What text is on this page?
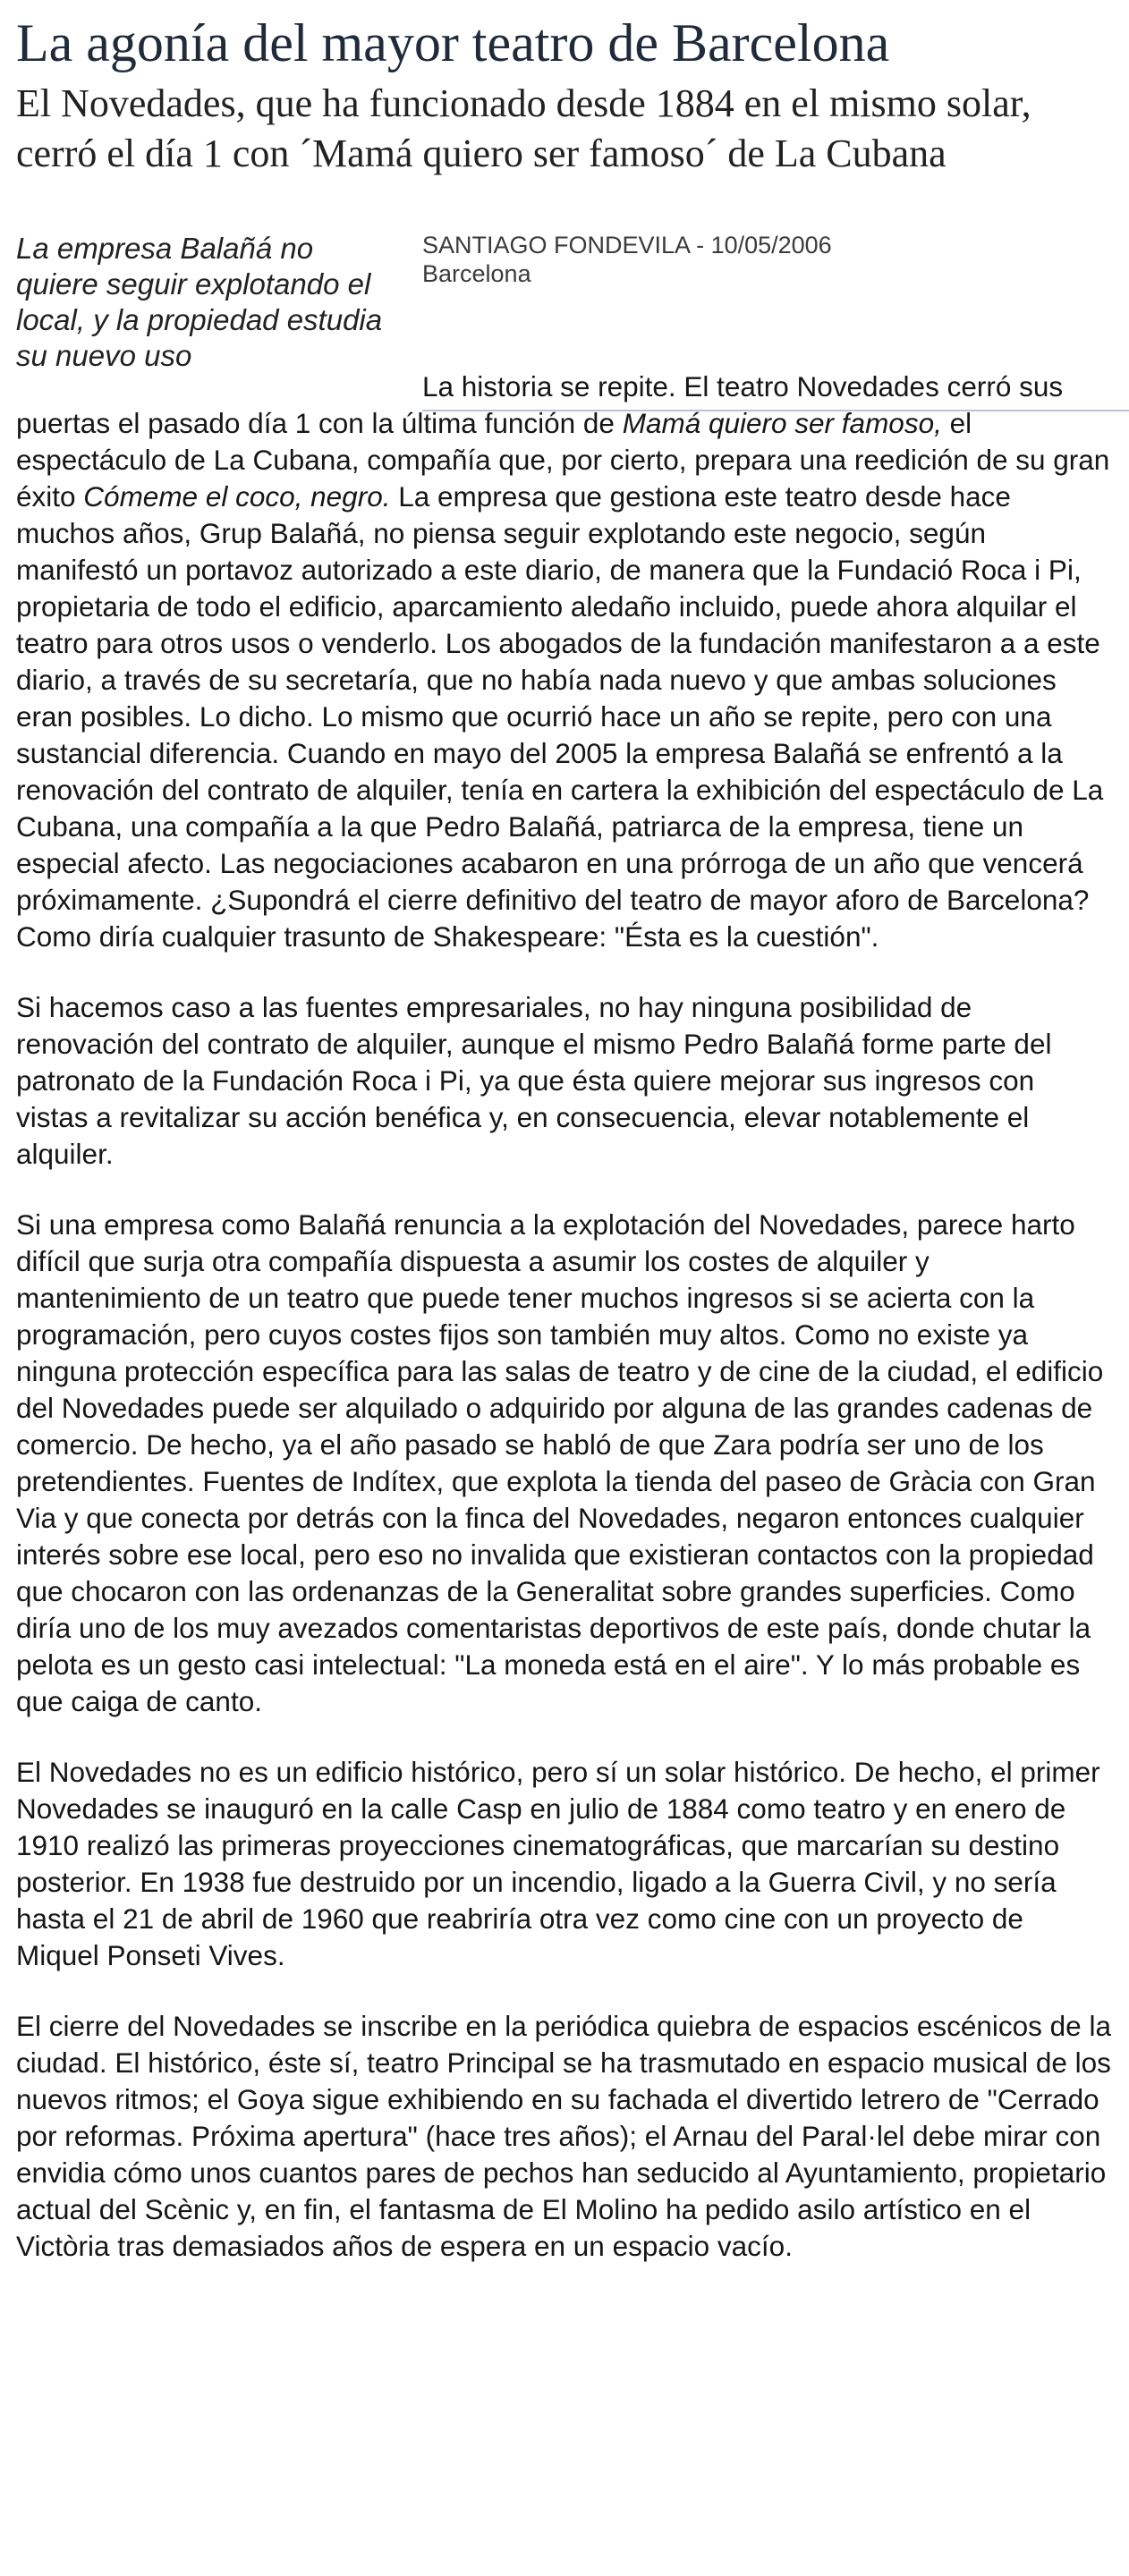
La agonía del mayor teatro de Barcelona
El Novedades, que ha funcionado desde 1884 en el mismo solar, cerró el día 1 con ´Mamá quiero ser famoso´ de La Cubana
La empresa Balañá no quiere seguir explotando el local, y la propiedad estudia su nuevo uso
SANTIAGO FONDEVILA - 10/05/2006
Barcelona

La historia se repite. El teatro Novedades cerró sus puertas el pasado día 1 con la última función de Mamá quiero ser famoso, el espectáculo de La Cubana, compañía que, por cierto, prepara una reedición de su gran éxito Cómeme el coco, negro. La empresa que gestiona este teatro desde hace muchos años, Grup Balañá, no piensa seguir explotando este negocio, según manifestó un portavoz autorizado a este diario, de manera que la Fundació Roca i Pi, propietaria de todo el edificio, aparcamiento aledaño incluido, puede ahora alquilar el teatro para otros usos o venderlo. Los abogados de la fundación manifestaron a a este diario, a través de su secretaría, que no había nada nuevo y que ambas soluciones eran posibles. Lo dicho. Lo mismo que ocurrió hace un año se repite, pero con una sustancial diferencia. Cuando en mayo del 2005 la empresa Balañá se enfrentó a la renovación del contrato de alquiler, tenía en cartera la exhibición del espectáculo de La Cubana, una compañía a la que Pedro Balañá, patriarca de la empresa, tiene un especial afecto. Las negociaciones acabaron en una prórroga de un año que vencerá próximamente. ¿Supondrá el cierre definitivo del teatro de mayor aforo de Barcelona? Como diría cualquier trasunto de Shakespeare: "Ésta es la cuestión".

Si hacemos caso a las fuentes empresariales, no hay ninguna posibilidad de renovación del contrato de alquiler, aunque el mismo Pedro Balañá forme parte del patronato de la Fundación Roca i Pi, ya que ésta quiere mejorar sus ingresos con vistas a revitalizar su acción benéfica y, en consecuencia, elevar notablemente el alquiler.

Si una empresa como Balañá renuncia a la explotación del Novedades, parece harto difícil que surja otra compañía dispuesta a asumir los costes de alquiler y mantenimiento de un teatro que puede tener muchos ingresos si se acierta con la programación, pero cuyos costes fijos son también muy altos. Como no existe ya ninguna protección específica para las salas de teatro y de cine de la ciudad, el edificio del Novedades puede ser alquilado o adquirido por alguna de las grandes cadenas de comercio. De hecho, ya el año pasado se habló de que Zara podría ser uno de los pretendientes. Fuentes de Indítex, que explota la tienda del paseo de Gràcia con Gran Via y que conecta por detrás con la finca del Novedades, negaron entonces cualquier interés sobre ese local, pero eso no invalida que existieran contactos con la propiedad que chocaron con las ordenanzas de la Generalitat sobre grandes superficies. Como diría uno de los muy avezados comentaristas deportivos de este país, donde chutar la pelota es un gesto casi intelectual: "La moneda está en el aire". Y lo más probable es que caiga de canto.

El Novedades no es un edificio histórico, pero sí un solar histórico. De hecho, el primer Novedades se inauguró en la calle Casp en julio de 1884 como teatro y en enero de 1910 realizó las primeras proyecciones cinematográficas, que marcarían su destino posterior. En 1938 fue destruido por un incendio, ligado a la Guerra Civil, y no sería hasta el 21 de abril de 1960 que reabriría otra vez como cine con un proyecto de Miquel Ponseti Vives.

El cierre del Novedades se inscribe en la periódica quiebra de espacios escénicos de la ciudad. El histórico, éste sí, teatro Principal se ha trasmutado en espacio musical de los nuevos ritmos; el Goya sigue exhibiendo en su fachada el divertido letrero de "Cerrado por reformas. Próxima apertura" (hace tres años); el Arnau del Paral·lel debe mirar con envidia cómo unos cuantos pares de pechos han seducido al Ayuntamiento, propietario actual del Scènic y, en fin, el fantasma de El Molino ha pedido asilo artístico en el Victòria tras demasiados años de espera en un espacio vacío.
